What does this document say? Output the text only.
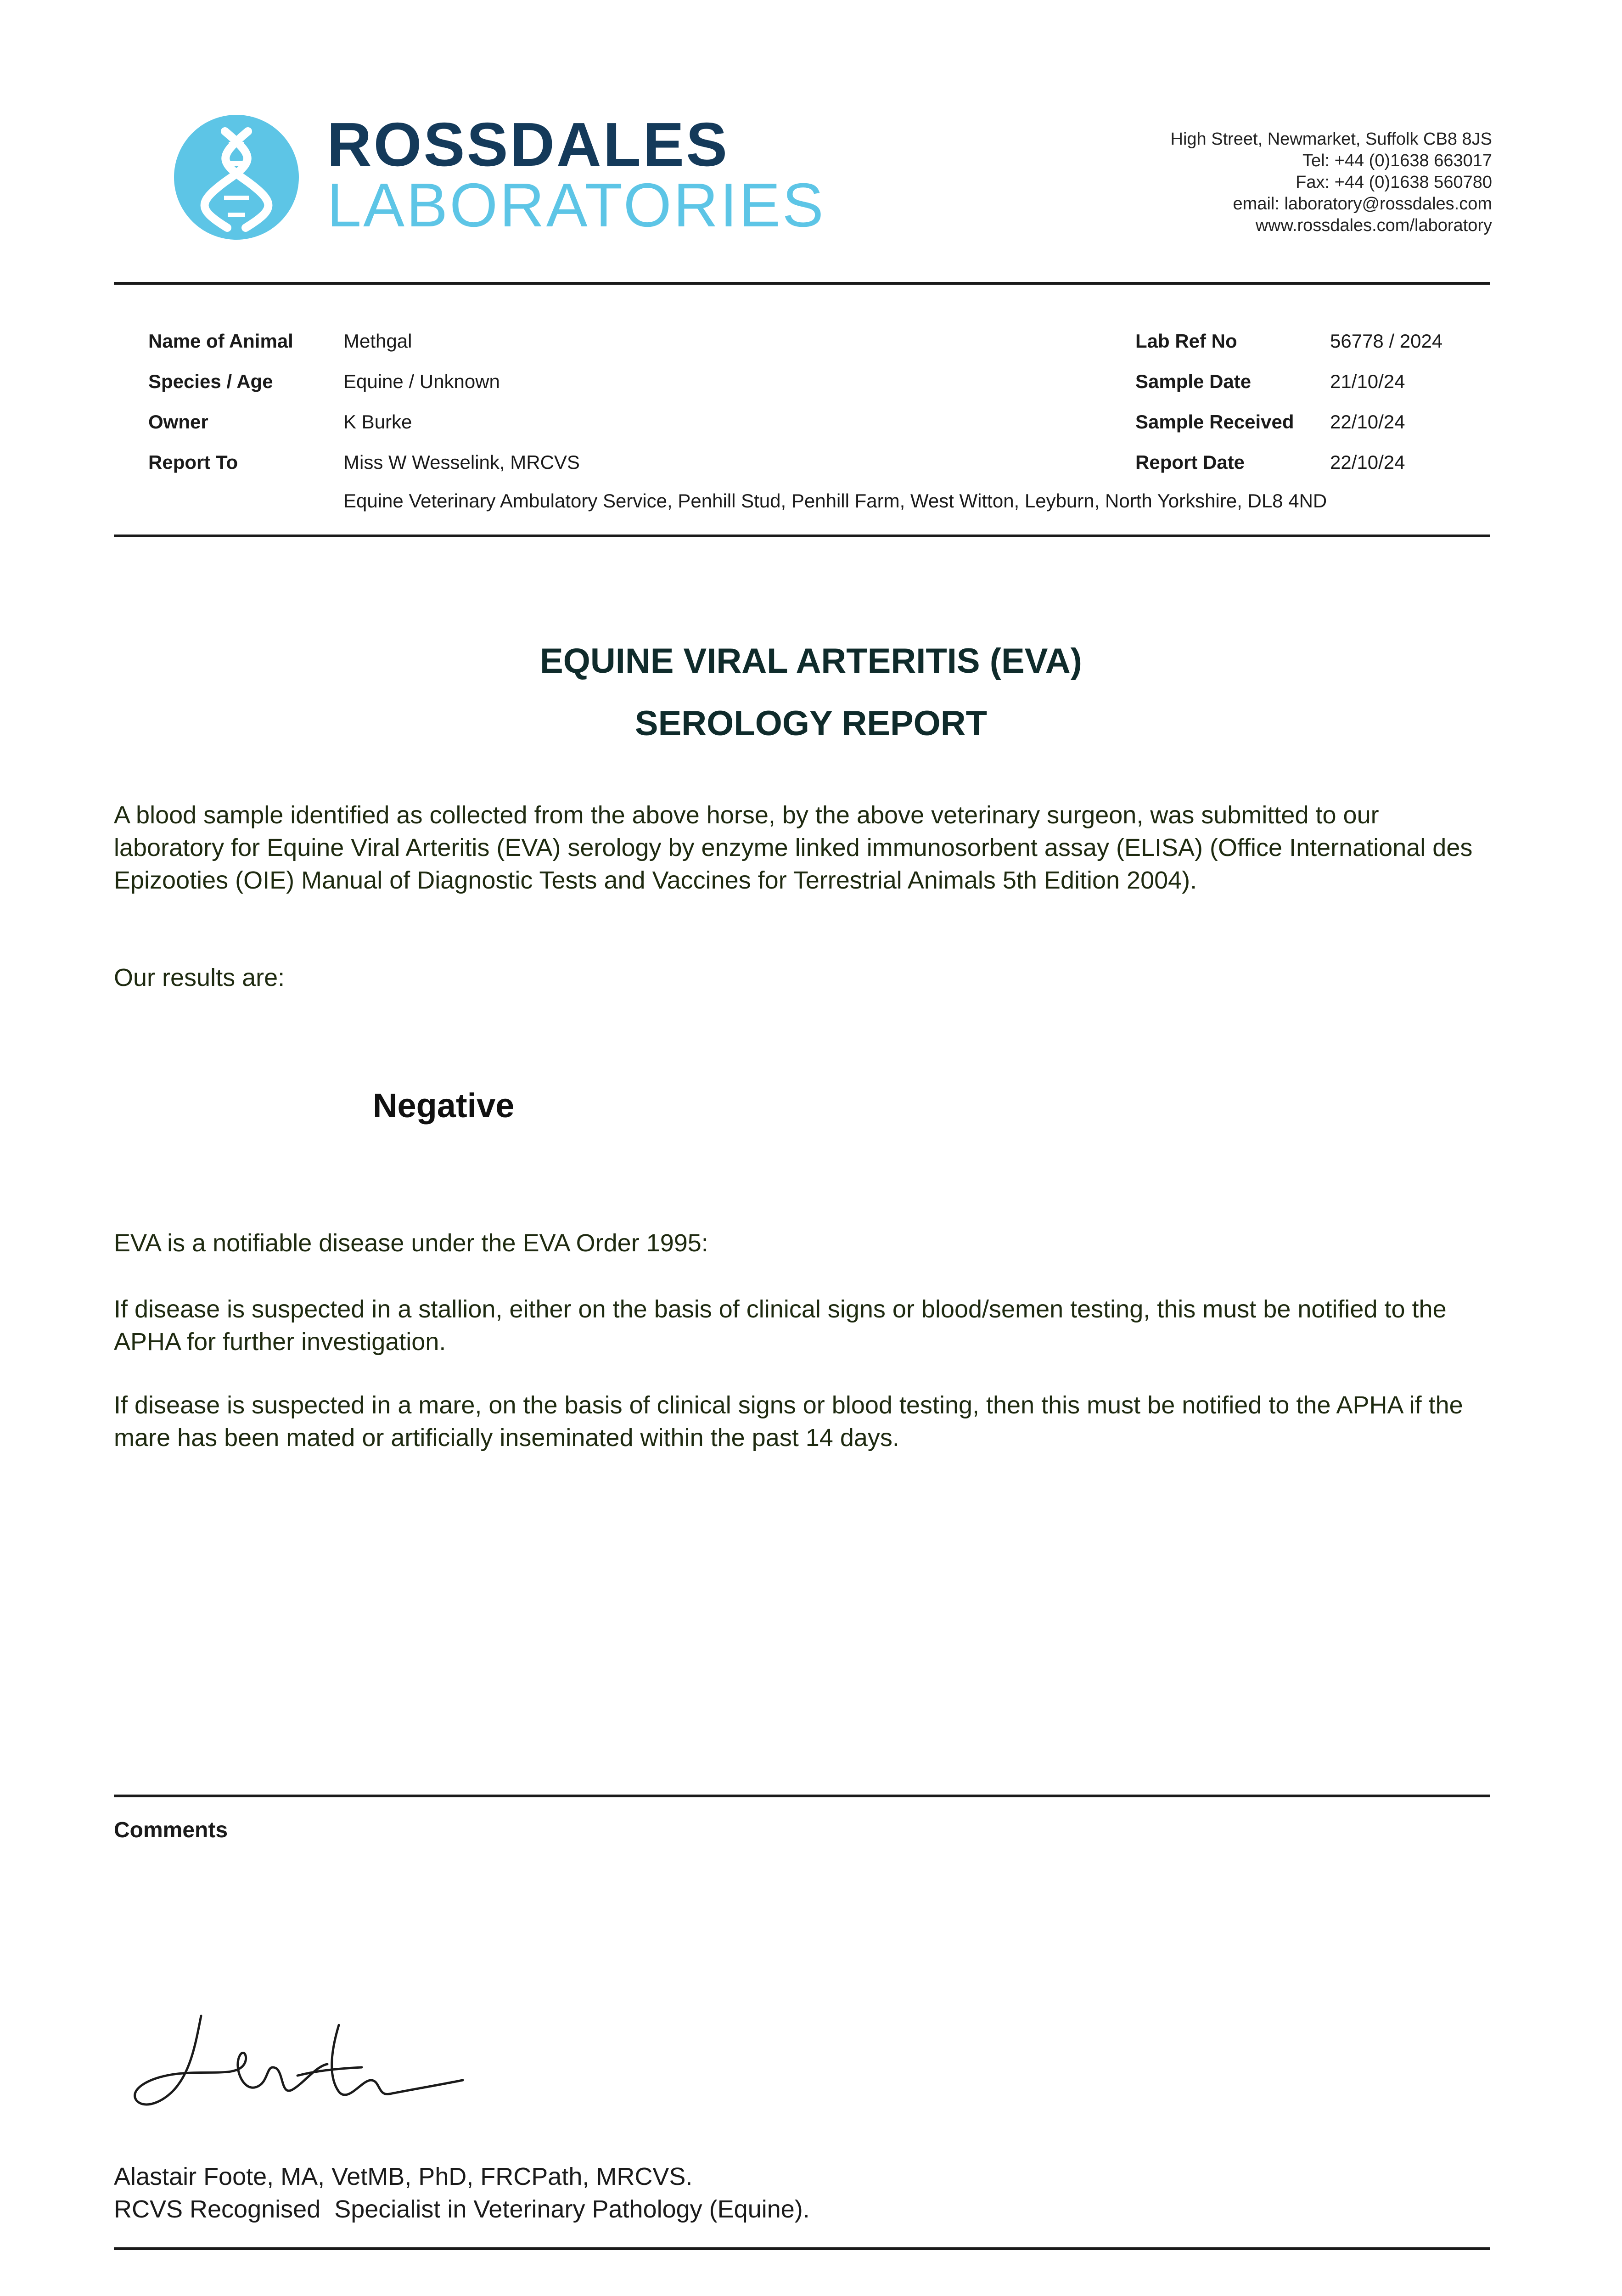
ROSSDALES
LABORATORIES
High Street, Newmarket, Suffolk CB8 8JS
Tel: +44 (0)1638 663017
Fax: +44 (0)1638 560780
email: laboratory@rossdales.com
www.rossdales.com/laboratory
Name of Animal	Methgal
Species / Age	Equine / Unknown
Owner	K Burke
Report To	Miss W Wesselink, MRCVS
Equine Veterinary Ambulatory Service, Penhill Stud, Penhill Farm, West Witton, Leyburn, North Yorkshire, DL8 4ND
Lab Ref No	56778 / 2024
Sample Date	21/10/24
Sample Received 22/10/24
Report Date	22/10/24
EQUINE VIRAL ARTERITIS (EVA)
SEROLOGY REPORT
A blood sample identified as collected from the above horse, by the above veterinary surgeon, was submitted to our laboratory for Equine Viral Arteritis (EVA) serology by enzyme linked immunosorbent assay (ELISA) (Office International des Epizooties (OIE) Manual of Diagnostic Tests and Vaccines for Terrestrial Animals 5th Edition 2004).
Our results are:
Negative
EVA is a notifiable disease under the EVA Order 1995:
If disease is suspected in a stallion, either on the basis of clinical signs or blood/semen testing, this must be notified to the APHA for further investigation.
If disease is suspected in a mare, on the basis of clinical signs or blood testing, then this must be notified to the APHA if the mare has been mated or artificially inseminated within the past 14 days.
Comments
Alastair Foote, MA, VetMB, PhD, FRCPath, MRCVS.
RCVS Recognised  Specialist in Veterinary Pathology (Equine).
